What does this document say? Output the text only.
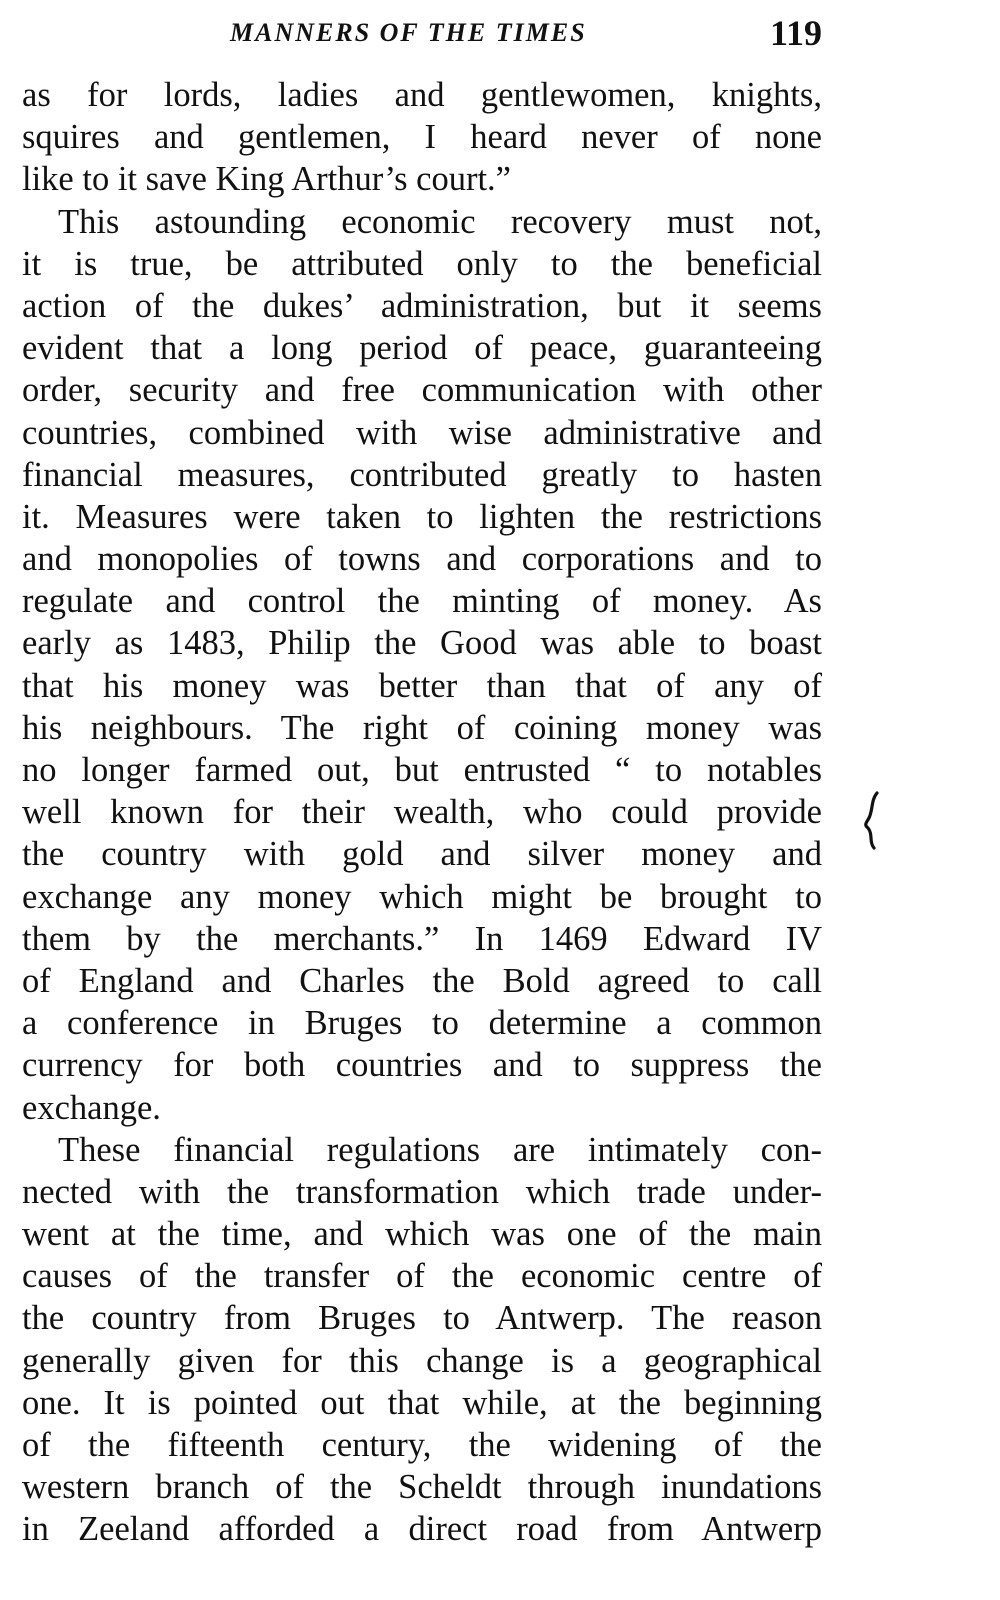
MANNERS OF THE TIMES	119
as for lords, ladies and gentlewomen, knights,
squires and gentlemen, I heard never of none
like to it save King Arthur’s court.”
This astounding economic recovery must not,
it is true, be attributed only to the beneficial
action of the dukes’ administration, but it seems
evident that a long period of peace, guaranteeing
order, security and free communication with other
countries, combined with wise administrative and
financial measures, contributed greatly to hasten
it. Measures were taken to lighten the restrictions
and monopolies of towns and corporations and to
regulate and control the minting of money. As
early as 1483, Philip the Good was able to boast
that his money was better than that of any of
his neighbours. The right of coining money was
no longer farmed out, but entrusted “ to notables
well known for their wealth, who could provide
the country with gold and silver money and
exchange any money which might be brought to
them by the merchants.” In 1469 Edward IV
of England and Charles the Bold agreed to call
a conference in Bruges to determine a common
currency for both countries and to suppress the
exchange.
These financial regulations are intimately con-
nected with the transformation which trade under-
went at the time, and which was one of the main
causes of the transfer of the economic centre of
the country from Bruges to Antwerp. The reason
generally given for this change is a geographical
one. It is pointed out that while, at the beginning
of the fifteenth century, the widening of the
western branch of the Scheldt through inundations
in Zeeland afforded a direct road from Antwerp
